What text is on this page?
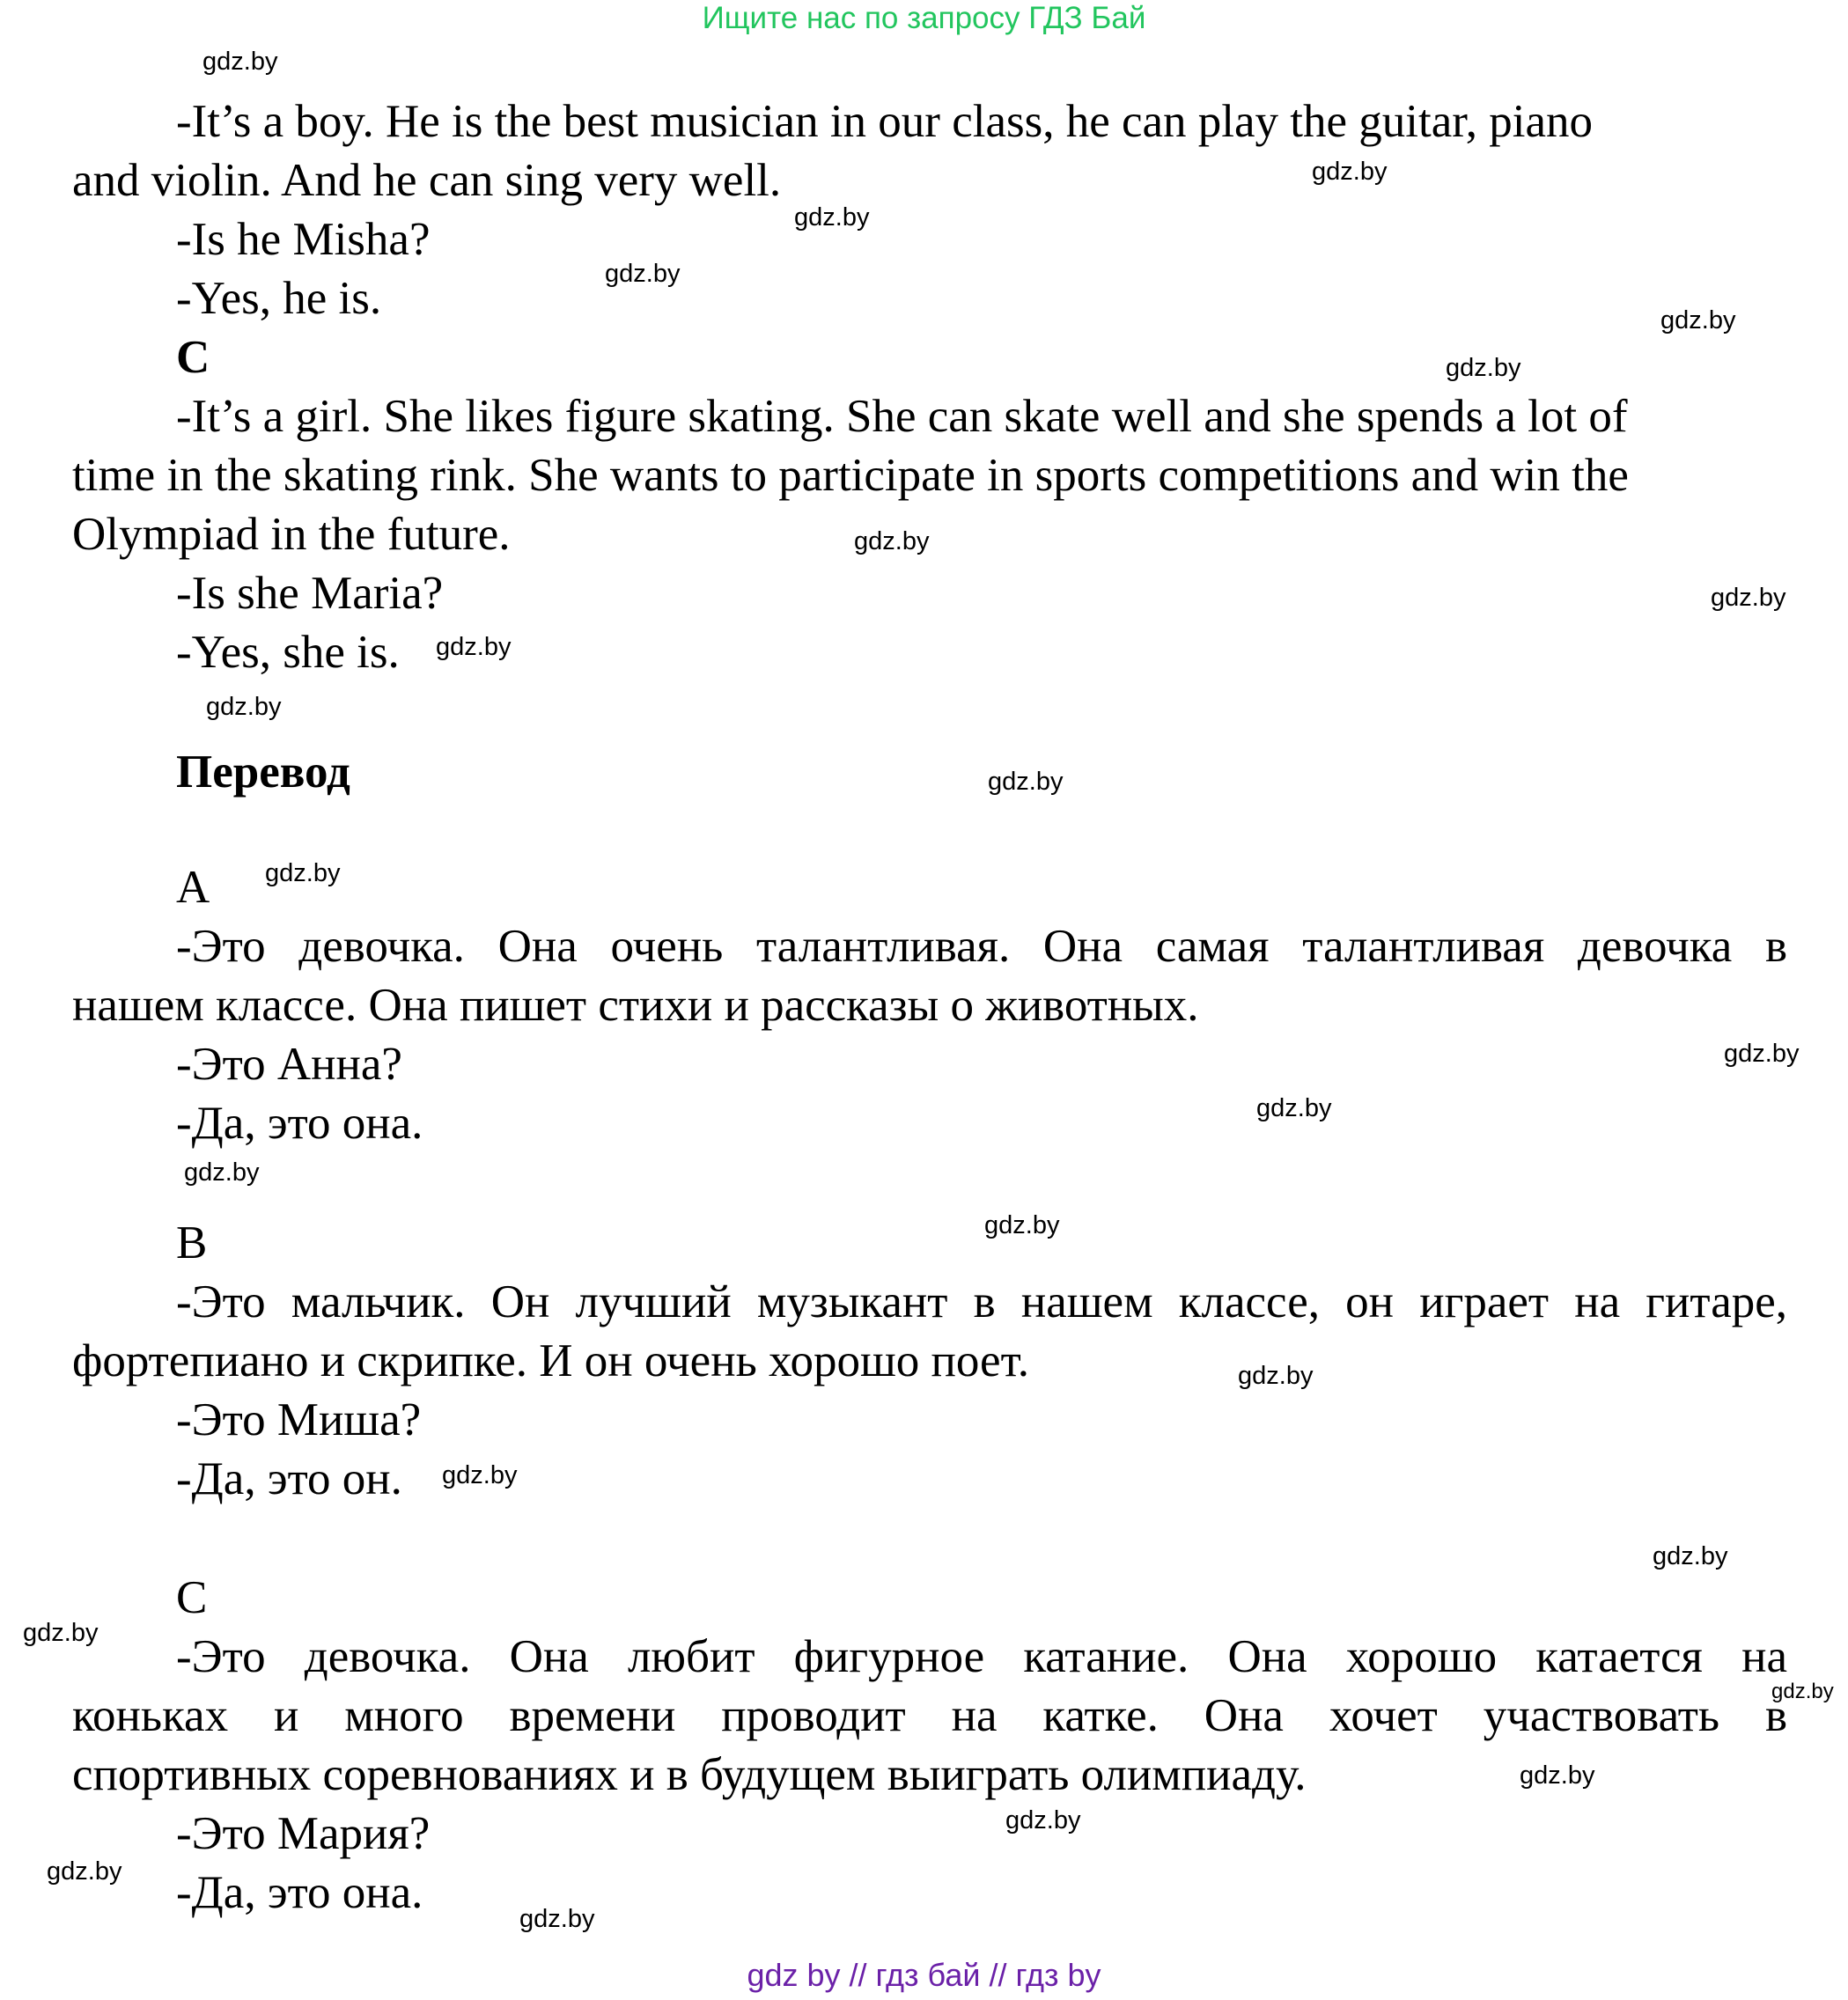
Ищите нас по запросу ГДЗ Бай
-It’s a boy. He is the best musician in our class, he can play the guitar, piano
and violin. And he can sing very well.
-Is he Misha?
-Yes, he is.
C
-It’s a girl. She likes figure skating. She can skate well and she spends a lot of
time in the skating rink. She wants to participate in sports competitions and win the
Olympiad in the future.
-Is she Maria?
-Yes, she is.
Перевод
A
-Это девочка. Она очень талантливая. Она самая талантливая девочка в
нашем классе. Она пишет стихи и рассказы о животных.
-Это Анна?
-Да, это она.
B
-Это мальчик. Он лучший музыкант в нашем классе, он играет на гитаре,
фортепиано и скрипке. И он очень хорошо поет.
-Это Миша?
-Да, это он.
C
-Это девочка. Она любит фигурное катание. Она хорошо катается на
коньках и много времени проводит на катке. Она хочет участвовать в
спортивных соревнованиях и в будущем выиграть олимпиаду.
-Это Мария?
-Да, это она.
gdz.by
gdz.by
gdz.by
gdz.by
gdz.by
gdz.by
gdz.by
gdz.by
gdz.by
gdz.by
gdz.by
gdz.by
gdz.by
gdz.by
gdz.by
gdz.by
gdz.by
gdz.by
gdz.by
gdz.by
gdz.by
gdz.by
gdz.by
gdz.by
gdz.by
gdz by // гдз бай // гдз by
